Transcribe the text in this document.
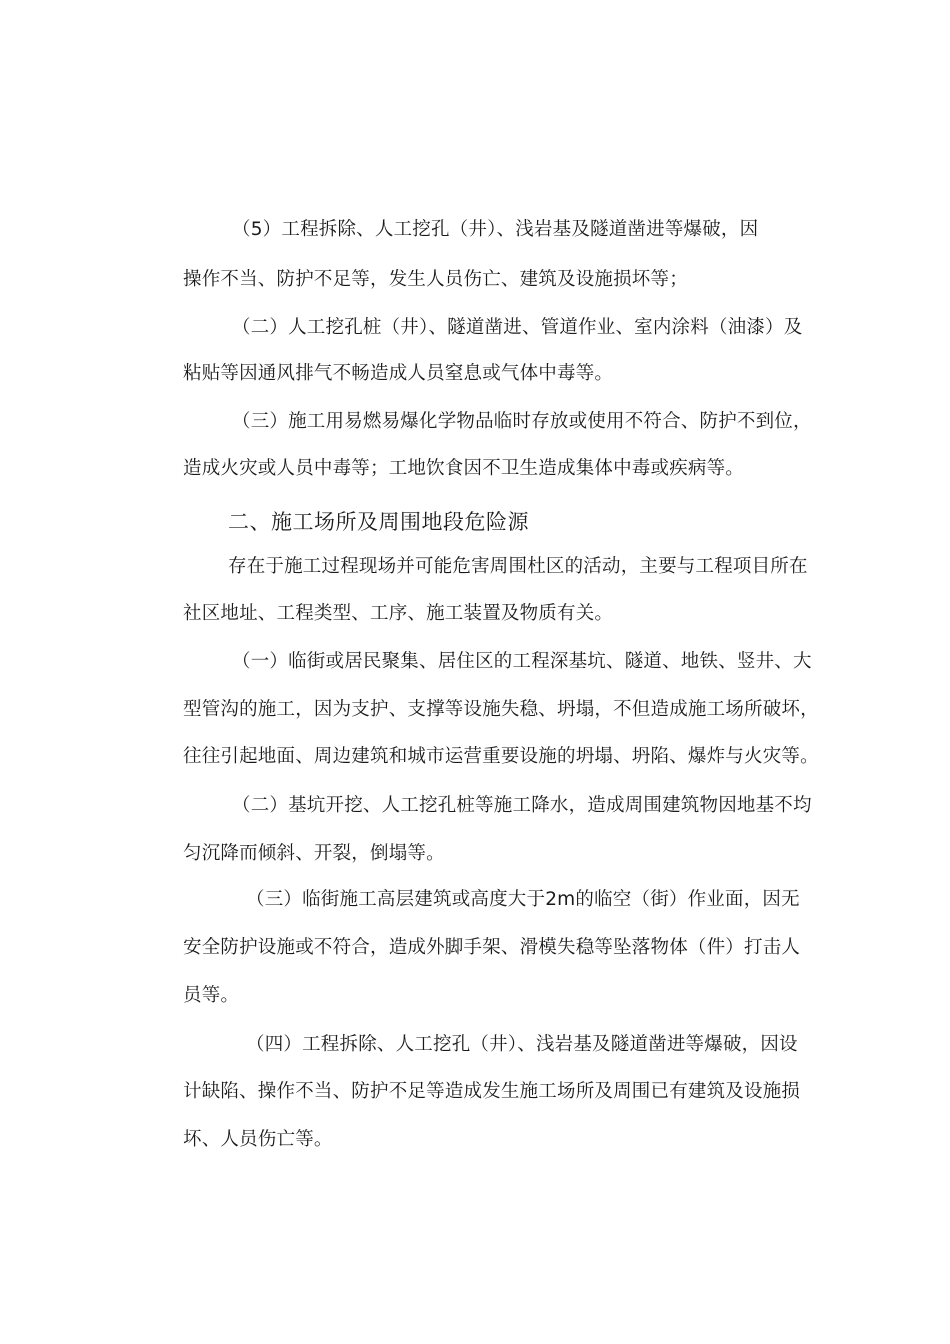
（5）工程拆除、人工挖孔（井）、浅岩基及隧道凿进等爆破，因
操作不当、防护不足等，发生人员伤亡、建筑及设施损坏等；
（二）人工挖孔桩（井）、隧道凿进、管道作业、室内涂料（油漆）及
粘贴等因通风排气不畅造成人员窒息或气体中毒等。
（三）施工用易燃易爆化学物品临时存放或使用不符合、防护不到位，
造成火灾或人员中毒等；工地饮食因不卫生造成集体中毒或疾病等。
二、施工场所及周围地段危险源
存在于施工过程现场并可能危害周围杜区的活动，主要与工程项目所在
社区地址、工程类型、工序、施工装置及物质有关。
（一）临街或居民聚集、居住区的工程深基坑、隧道、地铁、竖井、大
型管沟的施工，因为支护、支撑等设施失稳、坍塌，不但造成施工场所破坏，
往往引起地面、周边建筑和城市运营重要设施的坍塌、坍陷、爆炸与火灾等。
（二）基坑开挖、人工挖孔桩等施工降水，造成周围建筑物因地基不均
匀沉降而倾斜、开裂，倒塌等。
（三）临街施工高层建筑或高度大于2m的临空（街）作业面，因无
安全防护设施或不符合，造成外脚手架、滑模失稳等坠落物体（件）打击人
员等。
（四）工程拆除、人工挖孔（井）、浅岩基及隧道凿进等爆破，因设
计缺陷、操作不当、防护不足等造成发生施工场所及周围已有建筑及设施损
坏、人员伤亡等。
